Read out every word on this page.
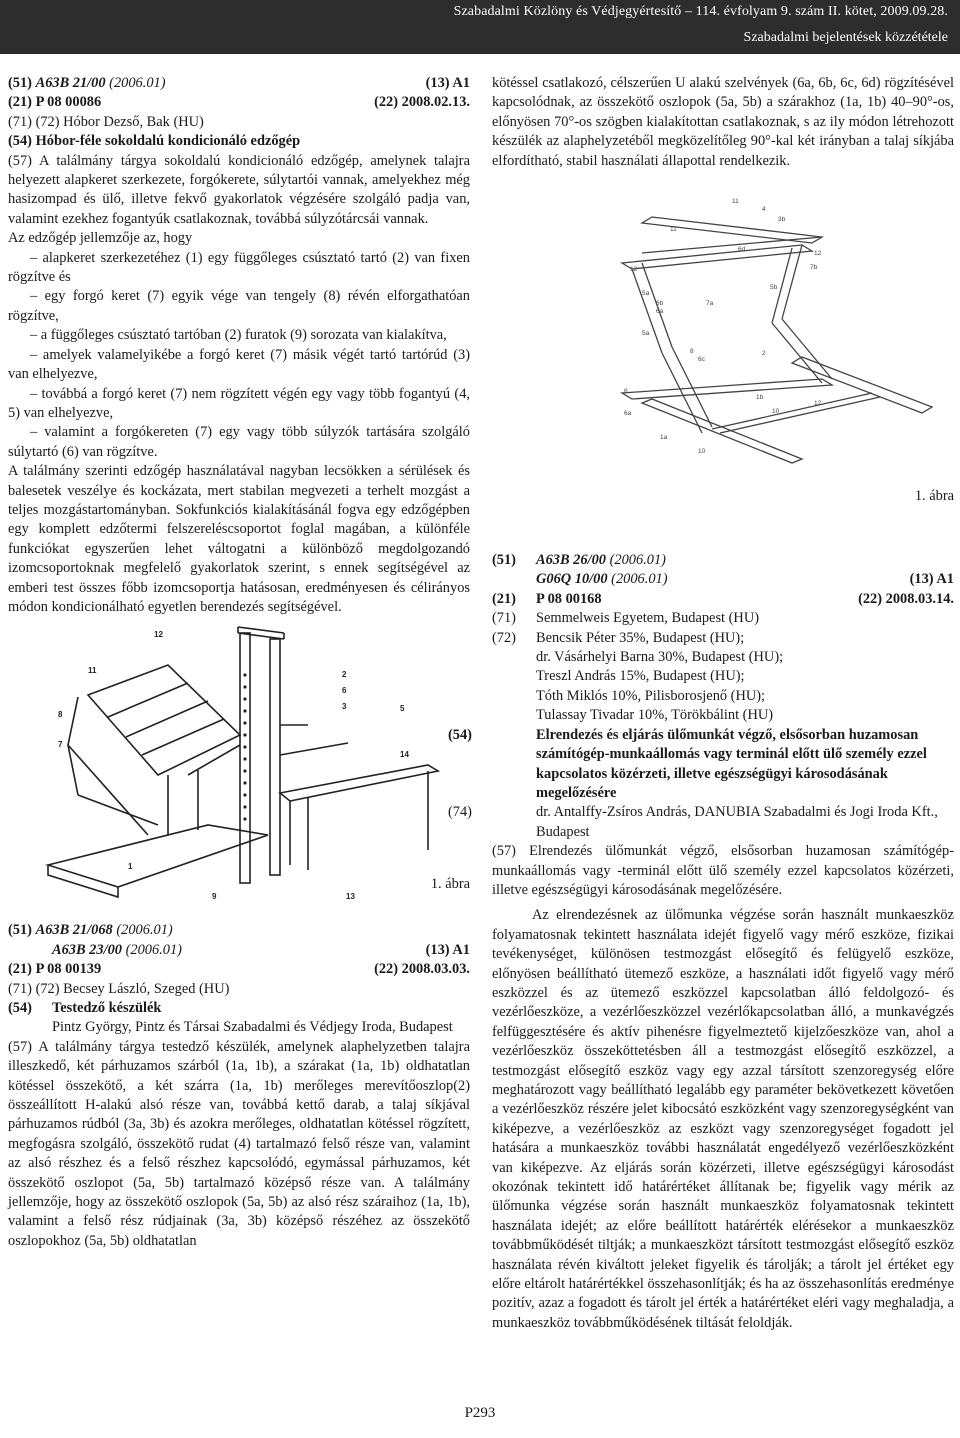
Szabadalmi Közlöny és Védjegyértesítő – 114. évfolyam 9. szám II. kötet, 2009.09.28.
Szabadalmi bejelentések közzététele
(51) A63B 21/00 (2006.01)	(13) A1
(21) P 08 00086	(22) 2008.02.13.
(71) (72) Hóbor Dezső, Bak (HU)
(54) Hóbor-féle sokoldalú kondicionáló edzőgép

(57) A találmány tárgya sokoldalú kondicionáló edzőgép, amelynek talajra helyezett alapkeret szerkezete, forgókerete, súlytartói vannak, amelyekhez még hasizompad és ülő, illetve fekvő gyakorlatok végzésére szolgáló padja van, valamint ezekhez fogantyúk csatlakoznak, továbbá súlyzótárcsái vannak.

Az edzőgép jellemzője az, hogy

– alapkeret szerkezetéhez (1) egy függőleges csúsztató tartó (2) van fixen rögzítve és

– egy forgó keret (7) egyik vége van tengely (8) révén elforgathatóan rögzítve,

– a függőleges csúsztató tartóban (2) furatok (9) sorozata van kialakítva,

– amelyek valamelyikébe a forgó keret (7) másik végét tartó tartórúd (3) van elhelyezve,

– továbbá a forgó keret (7) nem rögzített végén egy vagy több fogantyú (4, 5) van elhelyezve,

– valamint a forgókereten (7) egy vagy több súlyzók tartására szolgáló súlytartó (6) van rögzítve.

A találmány szerinti edzőgép használatával nagyban lecsökken a sérülések és balesetek veszélye és kockázata, mert stabilan megvezeti a terhelt mozgást a teljes mozgástartományban. Sokfunkciós kialakításánál fogva egy edzőgépben egy komplett edzőtermi felszereléscsoportot foglal magában, a különféle funkciókat egyszerűen lehet váltogatni a különböző megdolgozandó izomcsoportoknak megfelelő gyakorlatok szerint, s ennek segítségével az emberi test összes főbb izomcsoportja hatásosan, eredményesen és célirányos módon kondicionálható egyetlen berendezés segítségével.

12
11
8
7
2
6
3	5
14
1
9	13
1. ábra
(51) A63B 21/068 (2006.01)
A63B 23/00 (2006.01)	(13) A1
(21) P 08 00139	(22) 2008.03.03.
(71) (72) Becsey László, Szeged (HU)
(54) Testedző készülék
Pintz György, Pintz és Társai Szabadalmi és Védjegy Iroda, Budapest

(57) A találmány tárgya testedző készülék, amelynek alaphelyzetben talajra illeszkedő, két párhuzamos szárból (1a, 1b), a szárakat (1a, 1b) oldhatatlan kötéssel összekötő, a két szárra (1a, 1b) merőleges merevítőoszlop(2) összeállított H-alakú alsó része van, továbbá kettő darab, a talaj síkjával párhuzamos rúdból (3a, 3b) és azokra merőleges, oldhatatlan kötéssel rögzített, megfogásra szolgáló, összekötő rudat (4) tartalmazó felső része van, valamint az alsó részhez és a felső részhez kapcsolódó, egymással párhuzamos, két összekötő oszlopot (5a, 5b) tartalmazó középső része van. A találmány jellemzője, hogy az összekötő oszlopok (5a, 5b) az alsó rész száraihoz (1a, 1b), valamint a felső rész rúdjainak (3a, 3b) középső részéhez az összekötő oszlopokhoz (5a, 5b) oldhatatlan

kötéssel csatlakozó, célszerűen U alakú szelvények (6a, 6b, 6c, 6d) rögzítésével kapcsolódnak, az összekötő oszlopok (5a, 5b) a szárakhoz (1a, 1b) 40–90°-os, előnyösen 70°-os szögben kialakítottan csatlakoznak, s az ily módon létrehozott készülék az alaphelyzetéből megközelítőleg 90°-kal két irányban a talaj síkjába elfordítható, stabil használati állapottal rendelkezik.

11
4
3b
11
6d
12
7b
12
5b
7a
5a
6b
6a
2
8
6c
5a
8
6a
1a
10
1b
10
12
1. ábra
(51) A63B 26/00 (2006.01)
G06Q 10/00 (2006.01)	(13) A1
(21) P 08 00168	(22) 2008.03.14.
(71) Semmelweis Egyetem, Budapest (HU)
(72) Bencsik Péter 35%, Budapest (HU);
dr. Vásárhelyi Barna 30%, Budapest (HU);
Treszl András 15%, Budapest (HU);
Tóth Miklós 10%, Pilisborosjenő (HU);
Tulassay Tivadar 10%, Törökbálint (HU)
(54)	Elrendezés és eljárás ülőmunkát végző, elsősorban huzamosan számítógép-munkaállomás vagy terminál előtt ülő személy ezzel kapcsolatos közérzeti, illetve egészségügyi károsodásának megelőzésére
(74)	dr. Antalffy-Zsíros András, DANUBIA Szabadalmi és Jogi Iroda Kft., Budapest

(57) Elrendezés ülőmunkát végző, elsősorban huzamosan számítógép-munkaállomás vagy -terminál előtt ülő személy ezzel kapcsolatos közérzeti, illetve egészségügyi károsodásának megelőzésére.

Az elrendezésnek az ülőmunka végzése során használt munkaeszköz folyamatosnak tekintett használata idejét figyelő vagy mérő eszköze, fizikai tevékenységet, különösen testmozgást elősegítő és felügyelő eszköze, előnyösen beállítható ütemező eszköze, a használati időt figyelő vagy mérő eszközzel és az ütemező eszközzel kapcsolatban álló feldolgozó- és vezérlőeszköze, a vezérlőeszközzel vezérlőkapcsolatban álló, a munkavégzés felfüggesztésére és aktív pihenésre figyelmeztető kijelzőeszköze van, ahol a vezérlőeszköz összeköttetésben áll a testmozgást elősegítő eszközzel, a testmozgást elősegítő eszköz vagy egy azzal társított szenzoregység előre meghatározott vagy beállítható legalább egy paraméter bekövetkezett követően a vezérlőeszköz részére jelet kibocsátó eszközként vagy szenzoregységként van kiképezve, a vezérlőeszköz az eszközt vagy szenzoregységet fogadott jel hatására a munkaeszköz további használatát engedélyező vezérlőeszközként van kiképezve. Az eljárás során közérzeti, illetve egészségügyi károsodást okozónak tekintett idő határértéket állítanak be; figyelik vagy mérik az ülőmunka végzése során használt munkaeszköz folyamatosnak tekintett használata idejét; az előre beállított határérték elérésekor a munkaeszköz továbbműködését tiltják; a munkaeszközt társított testmozgást elősegítő eszköz használata révén kiváltott jeleket figyelik és tárolják; a tárolt jel értéket egy előre eltárolt határértékkel összehasonlítják; és ha az összehasonlítás eredménye pozitív, azaz a fogadott és tárolt jel érték a határértéket eléri vagy meghaladja, a munkaeszköz továbbműködésének tiltását feloldják.

P293
